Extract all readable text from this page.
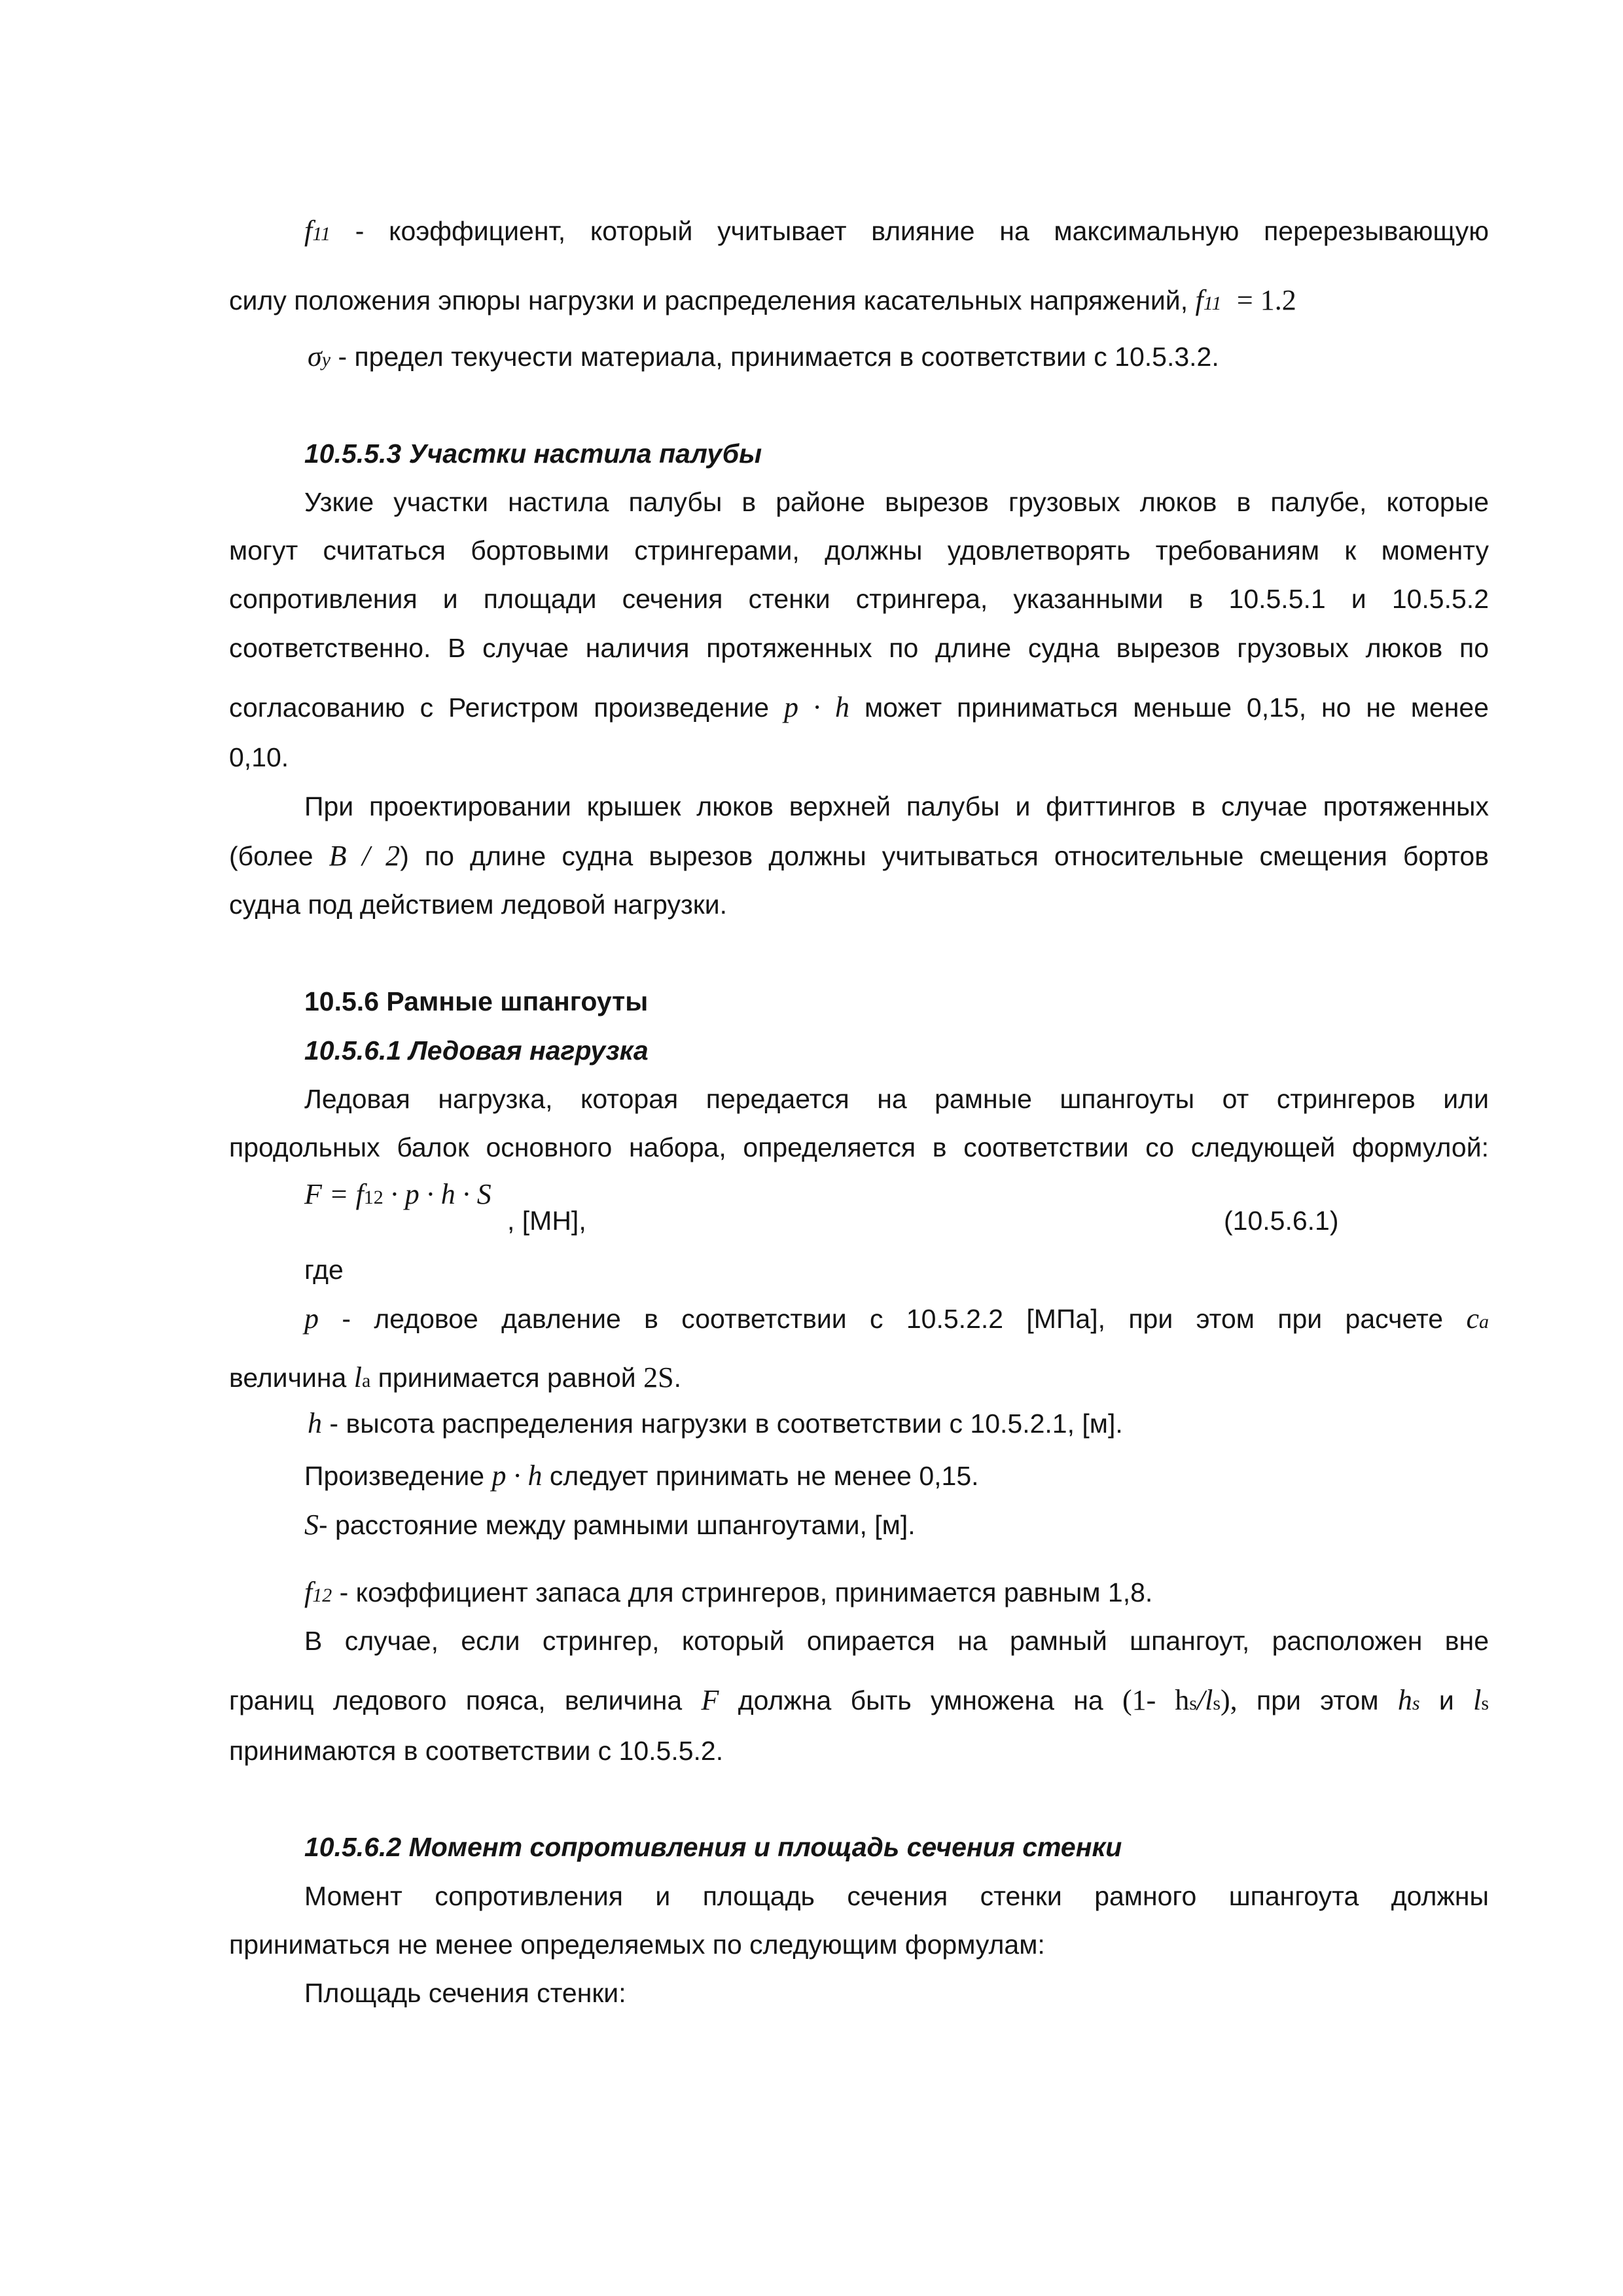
f11 - коэффициент, который учитывает влияние на максимальную перерезывающую
силу положения эпюры нагрузки и распределения касательных напряжений, f11 = 1.2
σy - предел текучести материала, принимается в соответствии с 10.5.3.2.
10.5.5.3 Участки настила палубы
Узкие участки настила палубы в районе вырезов грузовых люков в палубе, которые
могут считаться бортовыми стрингерами, должны удовлетворять требованиям к моменту
сопротивления и площади сечения стенки стрингера, указанными в 10.5.5.1 и 10.5.5.2
соответственно. В случае наличия протяженных по длине судна вырезов грузовых люков по
согласованию с Регистром произведение p · h может приниматься меньше 0,15, но не менее
0,10.
При проектировании крышек люков верхней палубы и фиттингов в случае протяженных
(более B / 2) по длине судна вырезов должны учитываться относительные смещения бортов
судна под действием ледовой нагрузки.
10.5.6 Рамные шпангоуты
10.5.6.1 Ледовая нагрузка
Ледовая нагрузка, которая передается на рамные шпангоуты от стрингеров или
продольных балок основного набора, определяется в соответствии со следующей формулой:
F = f12 · p · h · S
, [МН],	(10.5.6.1)
где
p - ледовое давление в соответствии с 10.5.2.2 [МПа], при этом при расчете ca
величина la принимается равной 2S.
h - высота распределения нагрузки в соответствии с 10.5.2.1, [м].
Произведение p · h следует принимать не менее 0,15.
S- расстояние между рамными шпангоутами, [м].
f12 - коэффициент запаса для стрингеров, принимается равным 1,8.
В случае, если стрингер, который опирается на рамный шпангоут, расположен вне
границ ледового пояса, величина F должна быть умножена на (1- hs/ls), при этом hs и ls
принимаются в соответствии с 10.5.5.2.
10.5.6.2 Момент сопротивления и площадь сечения стенки
Момент сопротивления и площадь сечения стенки рамного шпангоута должны
приниматься не менее определяемых по следующим формулам:
Площадь сечения стенки:
